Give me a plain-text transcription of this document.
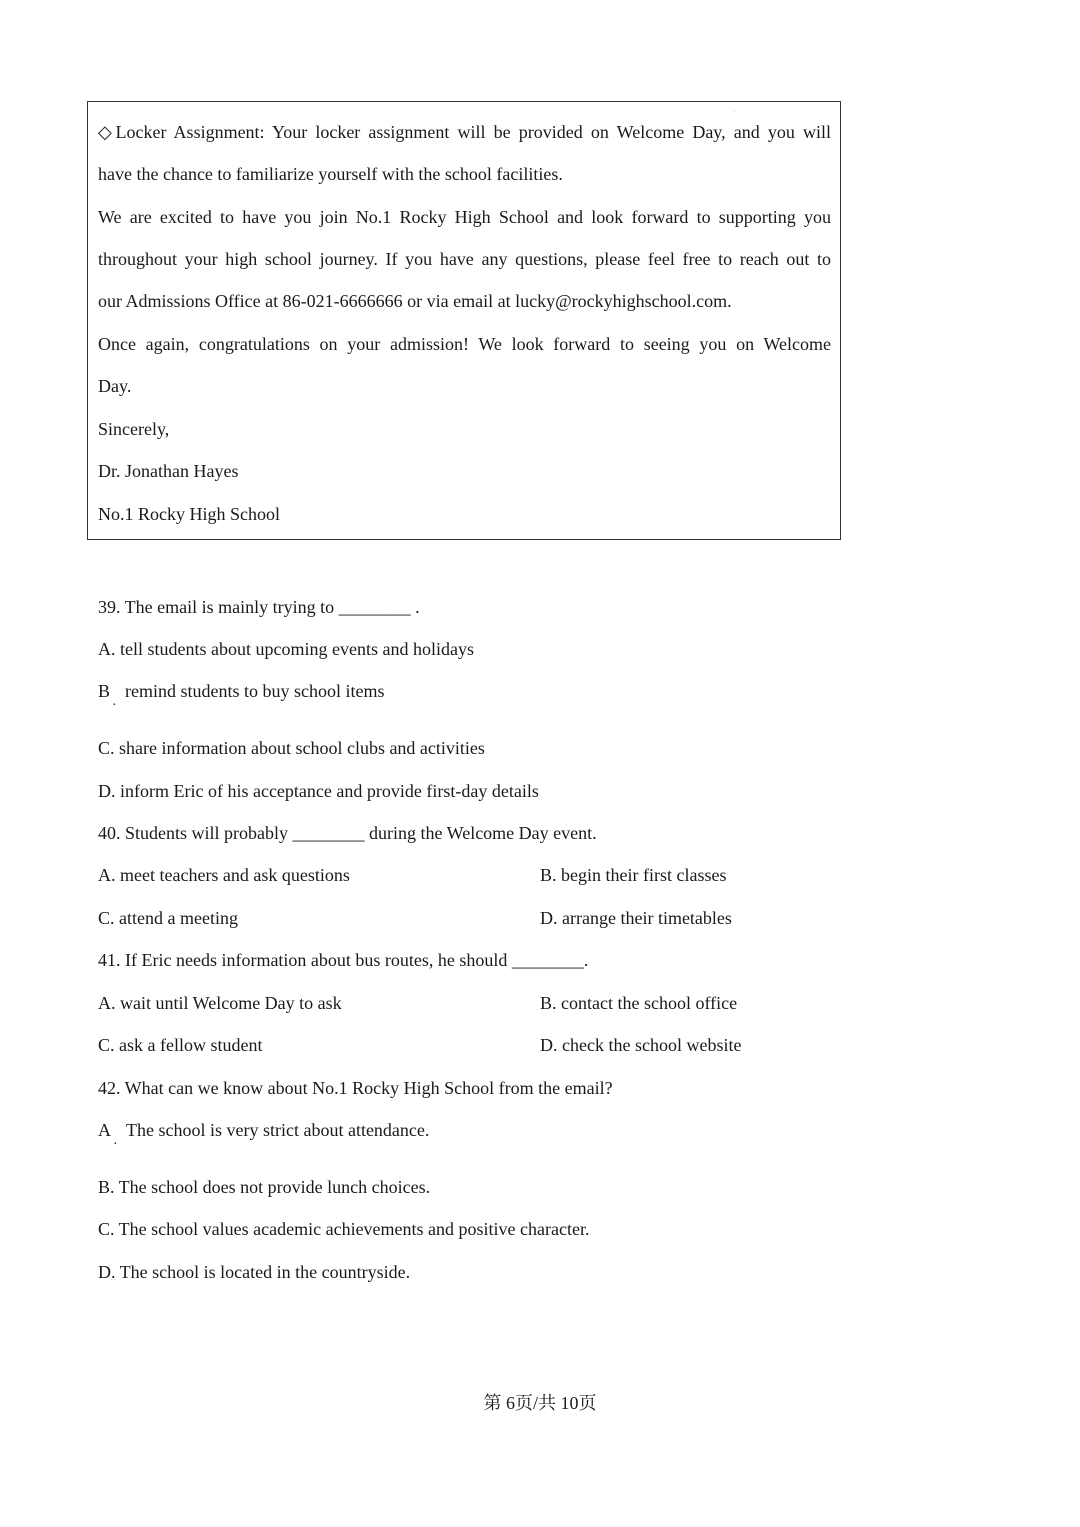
·
◇Locker Assignment: Your locker assignment will be provided on Welcome Day, and you will
have the chance to familiarize yourself with the school facilities.
We are excited to have you join No.1 Rocky High School and look forward to supporting you
throughout your high school journey. If you have any questions, please feel free to reach out to
our Admissions Office at 86-021-6666666 or via email at lucky@rockyhighschool.com.
Once again, congratulations on your admission! We look forward to seeing you on Welcome
Day.
Sincerely,
Dr. Jonathan Hayes
No.1 Rocky High School
39. The email is mainly trying to ________ .
A. tell students about upcoming events and holidays
B
·
remind students to buy school items
C. share information about school clubs and activities
D. inform Eric of his acceptance and provide first-day details
40. Students will probably ________ during the Welcome Day event.
A. meet teachers and ask questions	B. begin their first classes
C. attend a meeting	D. arrange their timetables
41. If Eric needs information about bus routes, he should ________.
A. wait until Welcome Day to ask	B. contact the school office
C. ask a fellow student	D. check the school website
42. What can we know about No.1 Rocky High School from the email?
A
·
The school is very strict about attendance.
B. The school does not provide lunch choices.
C. The school values academic achievements and positive character.
D. The school is located in the countryside.
第 6页/共 10页
